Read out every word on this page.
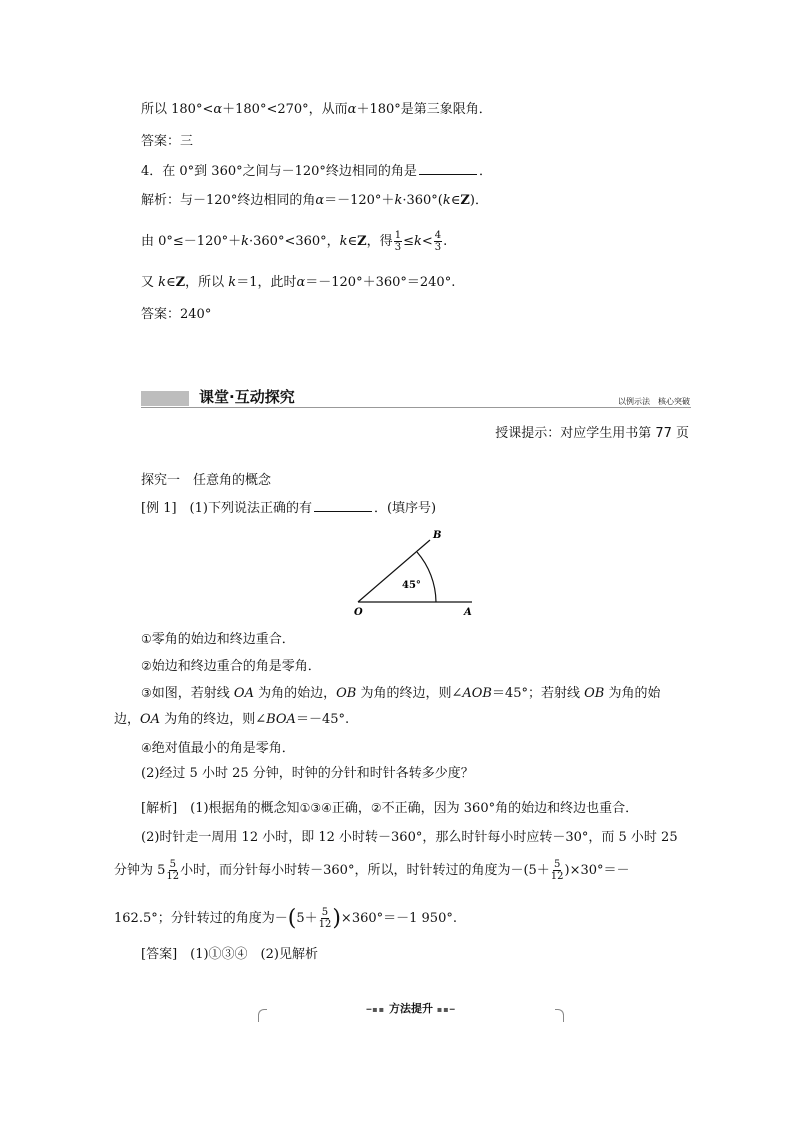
所以 180°<α＋180°<270°，从而α＋180°是第三象限角．
答案：三
4．在 0°到 360°之间与－120°终边相同的角是	．
解析：与－120°终边相同的角α＝－120°＋k·360°(k∈Z)．
由 0°≤－120°＋k·360°<360°，k∈Z，得 $\frac{1}{3} \le k< \frac{4}{3}$ .
又 k∈Z，所以 k＝1，此时α＝－120°＋360°＝240°.
答案：240°
课堂·互动探究	以例示法　核心突破
授课提示：对应学生用书第 77 页
探究一　任意角的概念
[例 1]　(1)下列说法正确的有	．(填序号)
B
O	A
45°
①零角的始边和终边重合．
②始边和终边重合的角是零角．
③如图，若射线 OA 为角的始边，OB 为角的终边，则∠AOB＝45°；若射线 OB 为角的始
边，OA 为角的终边，则∠BOA＝－45°.
④绝对值最小的角是零角．
(2)经过 5 小时 25 分钟，时钟的分针和时针各转多少度？
[解析]　(1)根据角的概念知①③④正确，②不正确，因为 360°角的始边和终边也重合．
(2)时针走一周用 12 小时，即 12 小时转－360°，那么时针每小时应转－30°，而 5 小时 25
分钟为 $5 \frac{5}{12}$ 小时，而分针每小时转－360°，所以，时针转过的角度为$-(5+ \frac{5}{12} )\times 30^\circ=-$
162.5°；分针转过的角度为$-(5+ \frac{5}{12} )\times 360^\circ=-1$ 950°.
[答案]　(1)①③④　(2)见解析
━▪▪ 方法提升 ▪▪━
